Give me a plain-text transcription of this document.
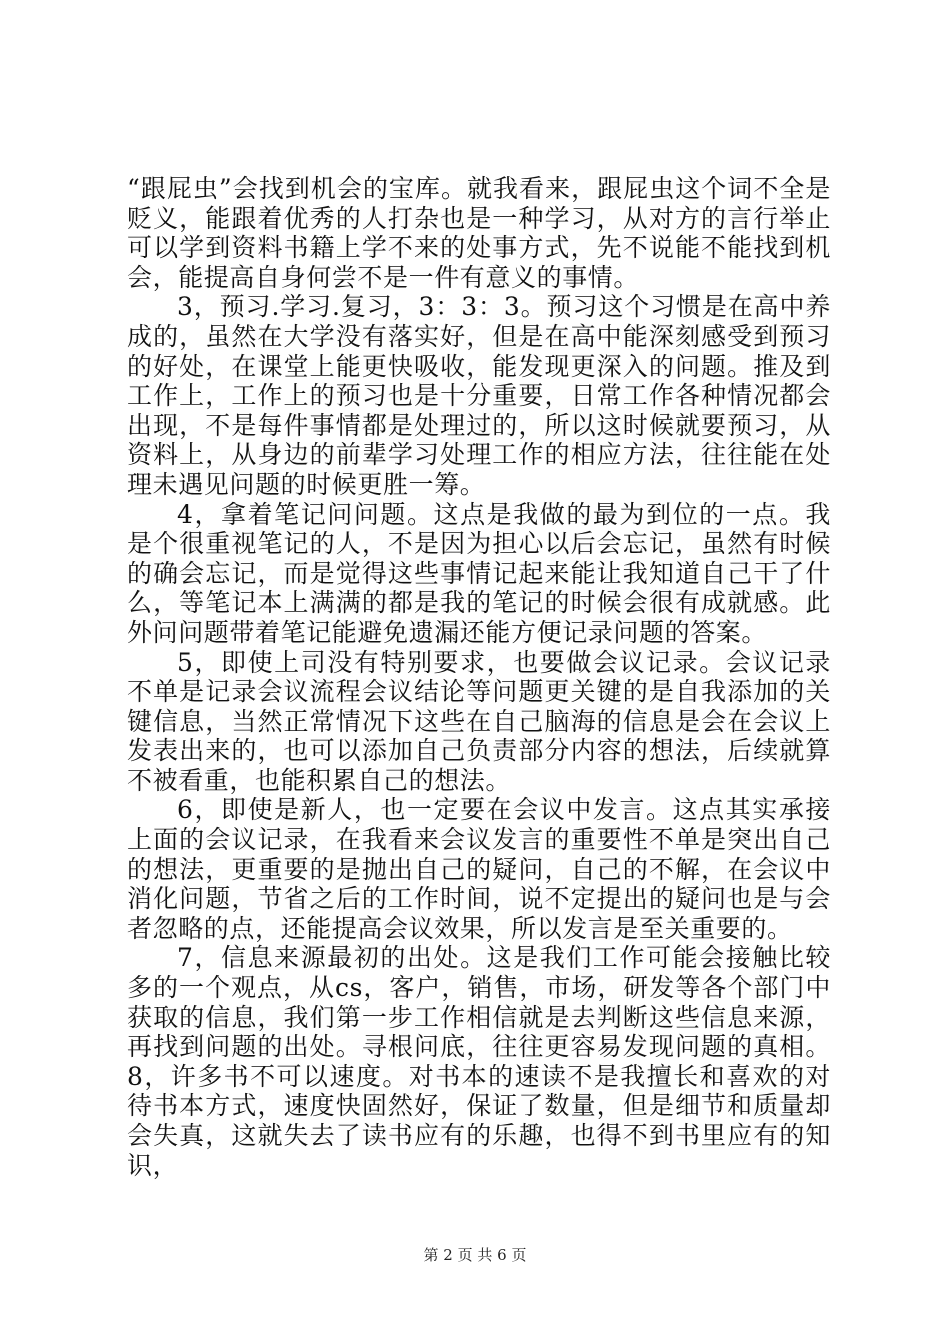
“跟屁虫”会找到机会的宝库。就我看来，跟屁虫这个词不全是贬义，能跟着优秀的人打杂也是一种学习，从对方的言行举止可以学到资料书籍上学不来的处事方式，先不说能不能找到机会，能提高自身何尝不是一件有意义的事情。

3，预习.学习.复习，3：3：3。预习这个习惯是在高中养成的，虽然在大学没有落实好，但是在高中能深刻感受到预习的好处，在课堂上能更快吸收，能发现更深入的问题。推及到工作上，工作上的预习也是十分重要，日常工作各种情况都会出现，不是每件事情都是处理过的，所以这时候就要预习，从资料上，从身边的前辈学习处理工作的相应方法，往往能在处理未遇见问题的时候更胜一筹。

4，拿着笔记问问题。这点是我做的最为到位的一点。我是个很重视笔记的人，不是因为担心以后会忘记，虽然有时候的确会忘记，而是觉得这些事情记起来能让我知道自己干了什么，等笔记本上满满的都是我的笔记的时候会很有成就感。此外问问题带着笔记能避免遗漏还能方便记录问题的答案。

5，即使上司没有特别要求，也要做会议记录。会议记录不单是记录会议流程会议结论等问题更关键的是自我添加的关键信息，当然正常情况下这些在自己脑海的信息是会在会议上发表出来的，也可以添加自己负责部分内容的想法，后续就算不被看重，也能积累自己的想法。

6，即使是新人，也一定要在会议中发言。这点其实承接上面的会议记录，在我看来会议发言的重要性不单是突出自己的想法，更重要的是抛出自己的疑问，自己的不解，在会议中消化问题，节省之后的工作时间，说不定提出的疑问也是与会者忽略的点，还能提高会议效果，所以发言是至关重要的。

7，信息来源最初的出处。这是我们工作可能会接触比较多的一个观点，从cs，客户，销售，市场，研发等各个部门中获取的信息，我们第一步工作相信就是去判断这些信息来源，再找到问题的出处。寻根问底，往往更容易发现问题的真相。8，许多书不可以速度。对书本的速读不是我擅长和喜欢的对待书本方式，速度快固然好，保证了数量，但是细节和质量却会失真，这就失去了读书应有的乐趣，也得不到书里应有的知识，

第 2 页 共 6 页
